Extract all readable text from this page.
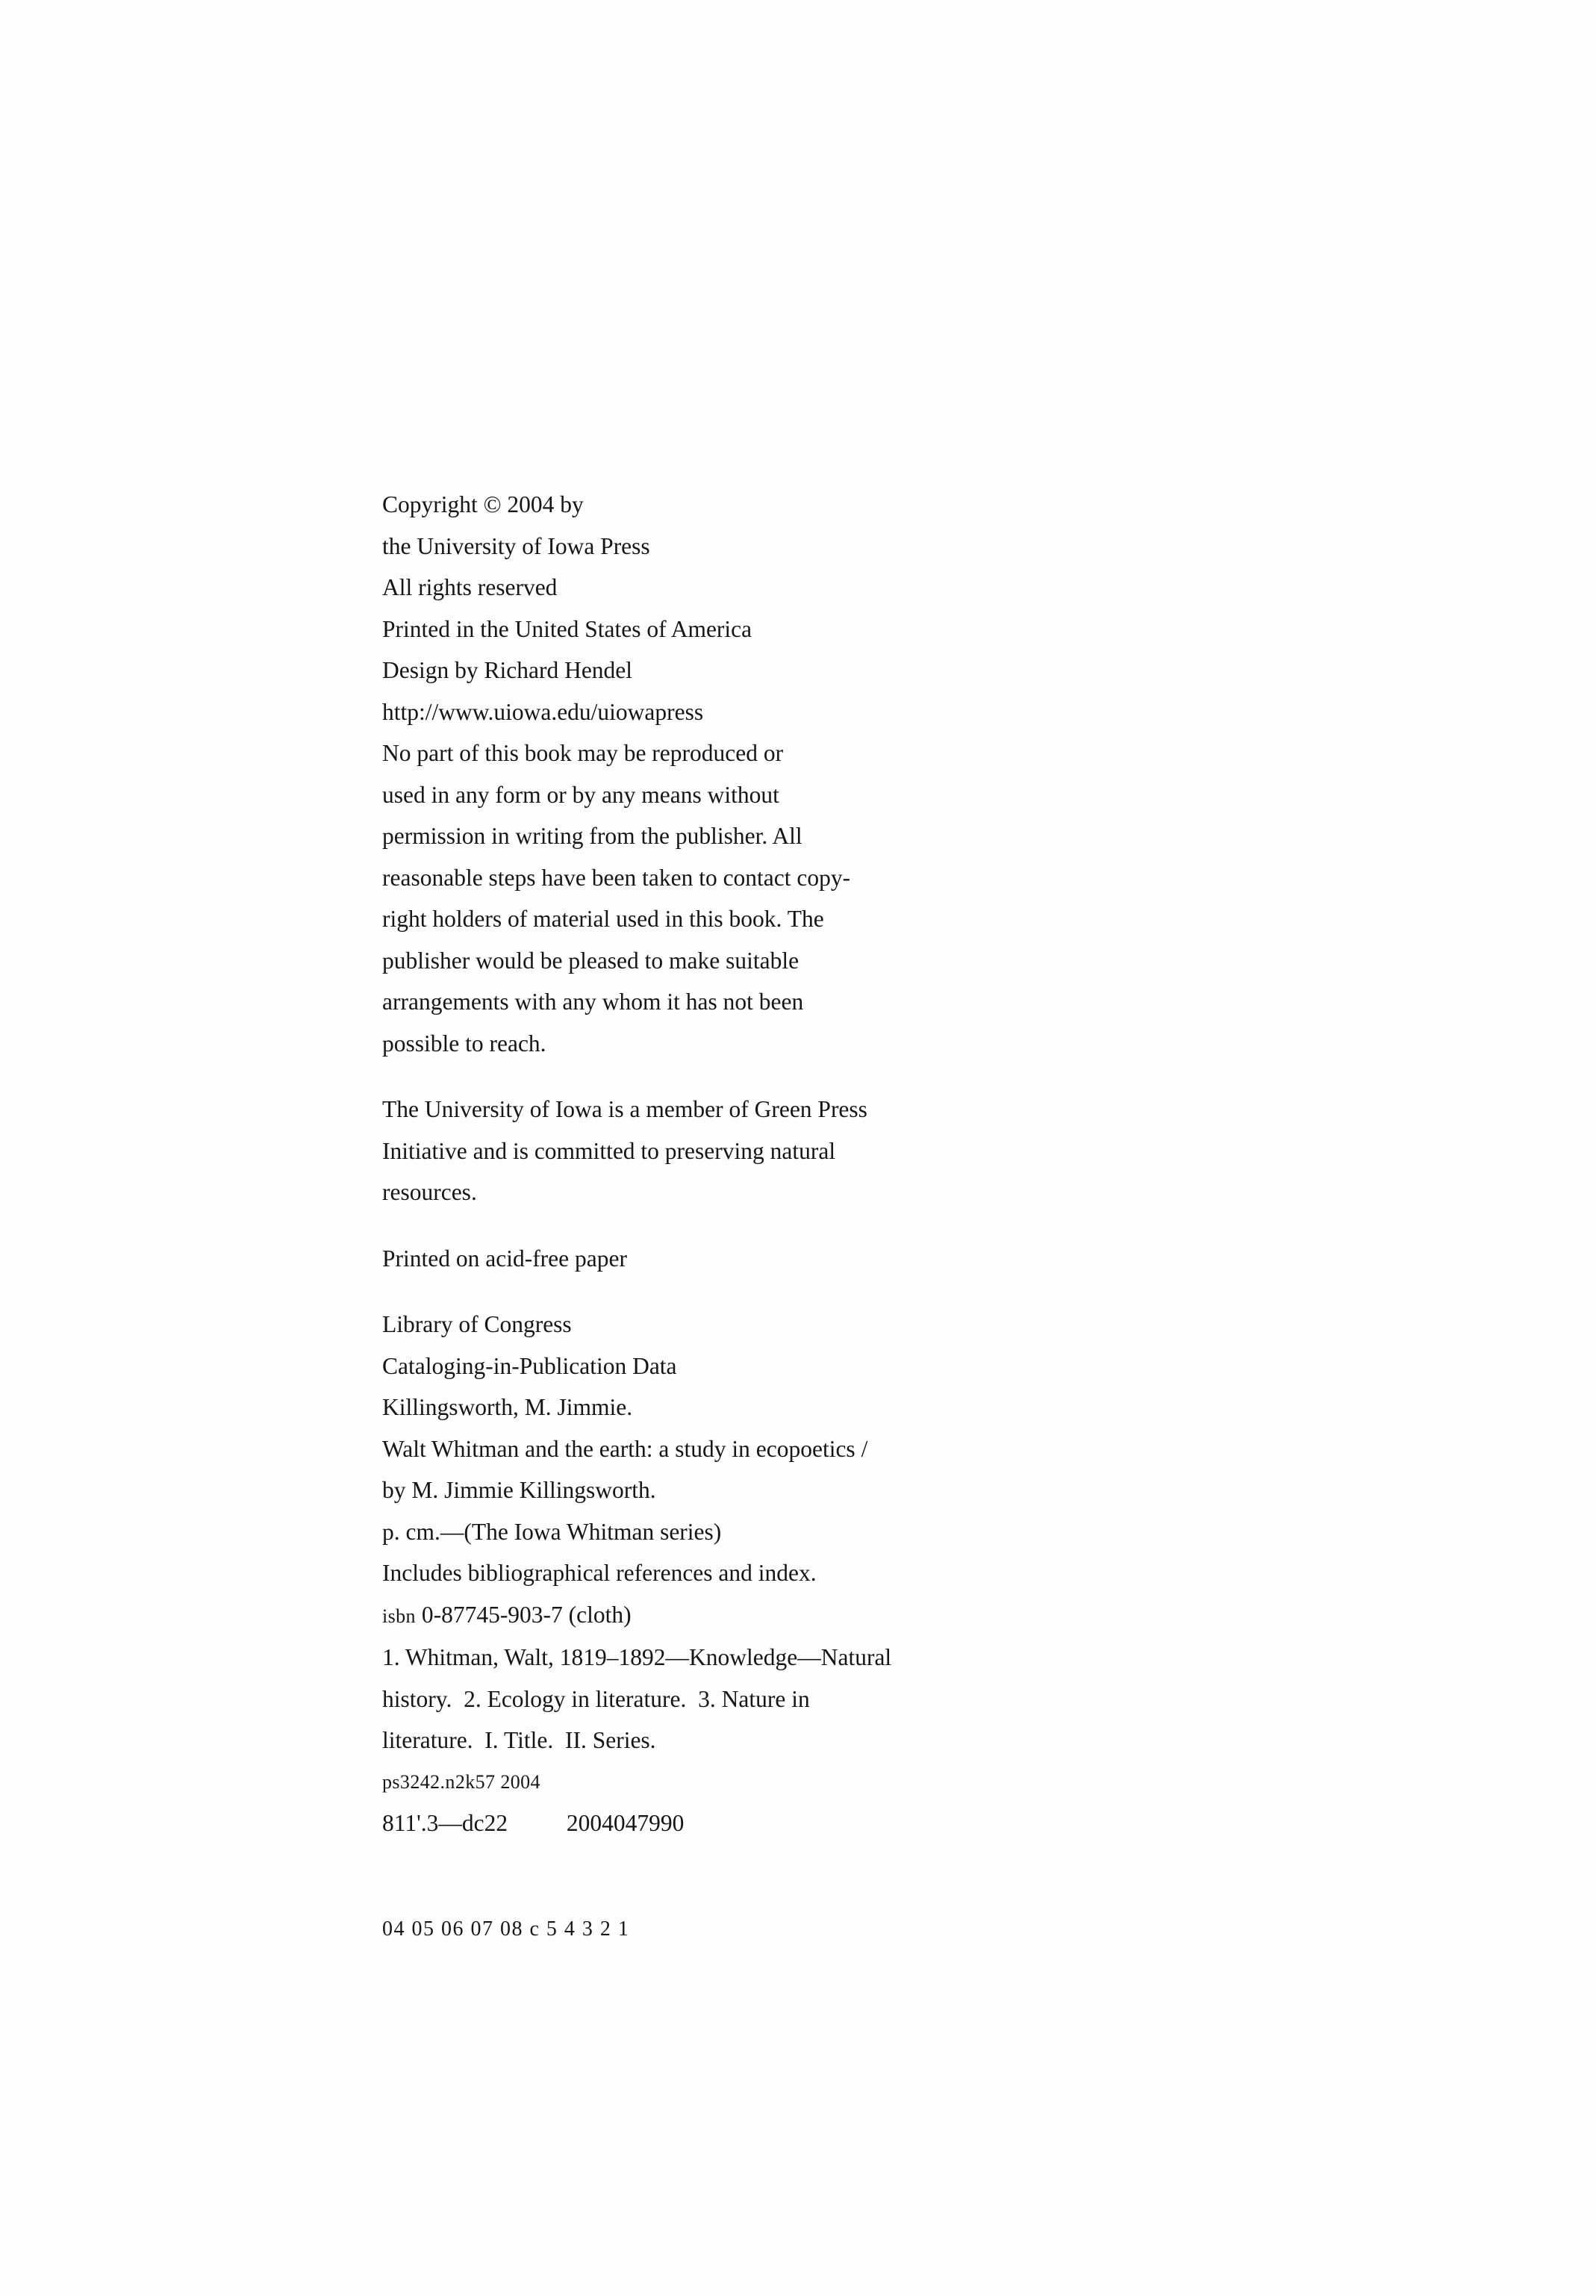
Copyright © 2004 by
the University of Iowa Press
All rights reserved
Printed in the United States of America
Design by Richard Hendel
http://www.uiowa.edu/uiowapress
No part of this book may be reproduced or
used in any form or by any means without
permission in writing from the publisher. All
reasonable steps have been taken to contact copy-
right holders of material used in this book. The
publisher would be pleased to make suitable
arrangements with any whom it has not been
possible to reach.
The University of Iowa is a member of Green Press
Initiative and is committed to preserving natural
resources.
Printed on acid-free paper
Library of Congress
Cataloging-in-Publication Data
Killingsworth, M. Jimmie.
Walt Whitman and the earth: a study in ecopoetics /
by M. Jimmie Killingsworth.
p. cm.—(The Iowa Whitman series)
Includes bibliographical references and index.
isbn 0-87745-903-7 (cloth)
1. Whitman, Walt, 1819–1892—Knowledge—Natural
history.  2. Ecology in literature.  3. Nature in
literature.  I. Title.  II. Series.
ps3242.n2k57 2004
811'.3—dc22          2004047990
04 05 06 07 08 c 5 4 3 2 1
